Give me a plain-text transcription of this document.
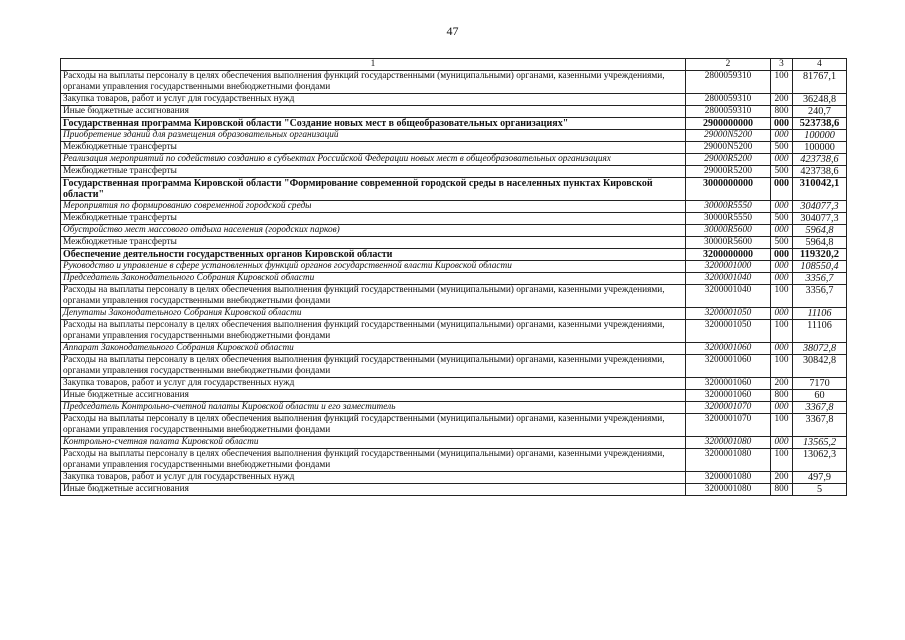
47
1	2	3	4
Расходы на выплаты персоналу в целях обеспечения выполнения функций государственными (муниципальными) органами, казенными учреждениями, органами управления государственными внебюджетными фондами	2800059310	100	81767,1
Закупка товаров, работ и услуг для государственных нужд	2800059310	200	36248,8
Иные бюджетные ассигнования	2800059310	800	240,7
Государственная программа Кировской области "Создание новых мест в общеобразовательных организациях"	2900000000	000	523738,6
Приобретение зданий для размещения образовательных организаций	29000N5200	000	100000
Межбюджетные трансферты	29000N5200	500	100000
Реализация мероприятий по содействию созданию в субъектах Российской Федерации новых мест в общеобразовательных организациях	29000R5200	000	423738,6
Межбюджетные трансферты	29000R5200	500	423738,6
Государственная программа Кировской области "Формирование современной городской среды в населенных пунктах Кировской области"	3000000000	000	310042,1
Мероприятия по формированию современной городской среды	30000R5550	000	304077,3
Межбюджетные трансферты	30000R5550	500	304077,3
Обустройство мест массового отдыха населения (городских парков)	30000R5600	000	5964,8
Межбюджетные трансферты	30000R5600	500	5964,8
Обеспечение деятельности государственных органов Кировской области	3200000000	000	119320,2
Руководство и управление в сфере установленных функций органов государственной власти Кировской области	3200001000	000	108550,4
Председатель Законодательного Собрания Кировской области	3200001040	000	3356,7
Расходы на выплаты персоналу в целях обеспечения выполнения функций государственными (муниципальными) органами, казенными учреждениями, органами управления государственными внебюджетными фондами	3200001040	100	3356,7
Депутаты Законодательного Собрания Кировской области	3200001050	000	11106
Расходы на выплаты персоналу в целях обеспечения выполнения функций государственными (муниципальными) органами, казенными учреждениями, органами управления государственными внебюджетными фондами	3200001050	100	11106
Аппарат Законодательного Собрания Кировской области	3200001060	000	38072,8
Расходы на выплаты персоналу в целях обеспечения выполнения функций государственными (муниципальными) органами, казенными учреждениями, органами управления государственными внебюджетными фондами	3200001060	100	30842,8
Закупка товаров, работ и услуг для государственных нужд	3200001060	200	7170
Иные бюджетные ассигнования	3200001060	800	60
Председатель Контрольно-счетной палаты Кировской области и его заместитель	3200001070	000	3367,8
Расходы на выплаты персоналу в целях обеспечения выполнения функций государственными (муниципальными) органами, казенными учреждениями, органами управления государственными внебюджетными фондами	3200001070	100	3367,8
Контрольно-счетная палата Кировской области	3200001080	000	13565,2
Расходы на выплаты персоналу в целях обеспечения выполнения функций государственными (муниципальными) органами, казенными учреждениями, органами управления государственными внебюджетными фондами	3200001080	100	13062,3
Закупка товаров, работ и услуг для государственных нужд	3200001080	200	497,9
Иные бюджетные ассигнования	3200001080	800	5
